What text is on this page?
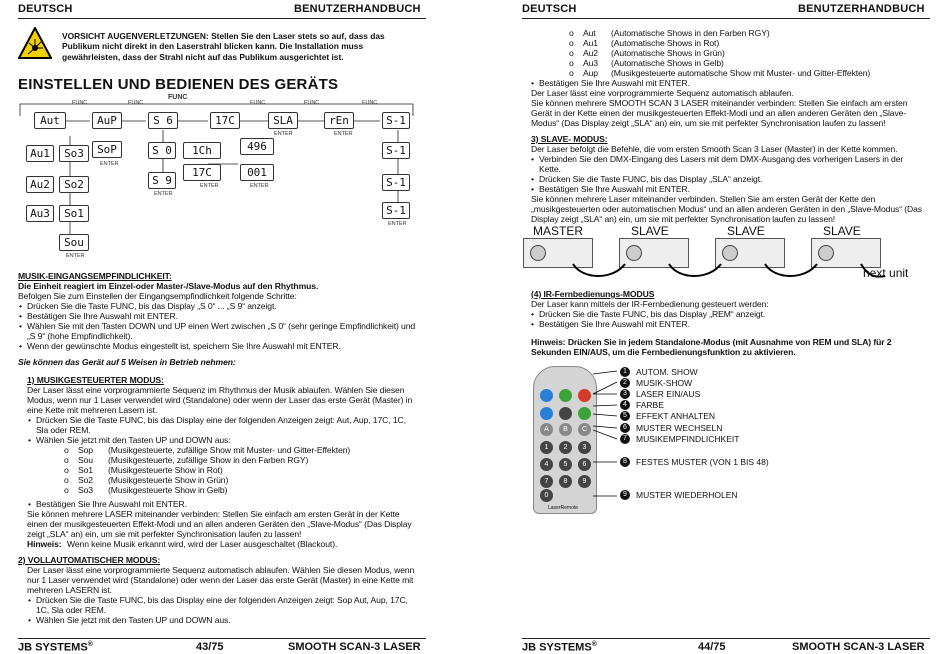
DEUTSCH	BENUTZERHANDBUCH
VORSICHT AUGENVERLETZUNGEN: Stellen Sie den Laser stets so auf, dass das
Publikum nicht direkt in den Laserstrahl blicken kann. Die Installation muss
gewährleisten, dass der Strahl nicht auf das Publikum ausgerichtet ist.
EINSTELLEN UND BEDIENEN DES GERÄTS
FUNC
Aut	AuP	S 6	17C	SLA	rEn	S-1
Au1	So3	SoP	S 0	1Ch	496	S-1
Au2	So2	S 9
17C	001
S-1
Au3	So1	S-1
Sou
FUNC	FUNC	FUNC	FUNC	FUNC
ENTER
ENTER
ENTER	ENTER
ENTER	ENTER
ENTER
ENTER
MUSIK-EINGANGSEMPFINDLICHKEIT:
Die Einheit reagiert im Einzel-oder Master-/Slave-Modus auf den Rhythmus.
Befolgen Sie zum Einstellen der Eingangsempfindlichkeit folgende Schritte:
• Drücken Sie die Taste FUNC, bis das Display „S 0“ ... „S 9“ anzeigt.
• Bestätigen Sie Ihre Auswahl mit ENTER.
• Wählen Sie mit den Tasten DOWN und UP einen Wert zwischen „S 0“ (sehr geringe Empfindlichkeit) und
„S 9“ (hohe Empfindlichkeit).
• Wenn der gewünschte Modus eingestellt ist, speichern Sie Ihre Auswahl mit ENTER.
Sie können das Gerät auf 5 Weisen in Betrieb nehmen:
1) MUSIKGESTEUERTER MODUS:
Der Laser lässt eine vorprogrammierte Sequenz im Rhythmus der Musik ablaufen. Wählen Sie diesen
Modus, wenn nur 1 Laser verwendet wird (Standalone) oder wenn der Laser das erste Gerät (Master) in
eine Kette mit mehreren Lasern ist.
• Drücken Sie die Taste FUNC, bis das Display eine der folgenden Anzeigen zeigt: Aut, Aup, 17C, 1C,
Sla oder REM.
• Wählen Sie jetzt mit den Tasten UP und DOWN aus:
o Sop (Musikgesteuerte, zufällige Show mit Muster- und Gitter-Effekten)
o Sou (Musikgesteuerte, zufällige Show in den Farben RGY)
o So1 (Musikgesteuerte Show in Rot)
o So2 (Musikgesteuerte Show in Grün)
o So3 (Musikgesteuerte Show in Gelb)
• Bestätigen Sie Ihre Auswahl mit ENTER.
Sie können mehrere LASER miteinander verbinden: Stellen Sie einfach am ersten Gerät in der Kette
einen der musikgesteuerten Effekt-Modi und an allen anderen Geräten den „Slave-Modus“ (Das Display
zeigt „SLA“ an) ein, um sie mit perfekter Synchronisation laufen zu lassen!
Hinweis: Wenn keine Musik erkannt wird, wird der Laser ausgeschaltet (Blackout).
2) VOLLAUTOMATISCHER MODUS:
Der Laser lässt eine vorprogrammierte Sequenz automatisch ablaufen. Wählen Sie diesen Modus, wenn
nur 1 Laser verwendet wird (Standalone) oder wenn der Laser das erste Gerät (Master) in eine Kette mit
mehreren LASERN ist.
• Drücken Sie die Taste FUNC, bis das Display eine der folgenden Anzeigen zeigt: Sop Aut, Aup, 17C,
1C, Sla oder REM.
• Wählen Sie jetzt mit den Tasten UP und DOWN aus.
JB SYSTEMS®	43/75	SMOOTH SCAN-3 LASER
DEUTSCH	BENUTZERHANDBUCH
o Aut (Automatische Shows in den Farben RGY)
o Au1 (Automatische Shows in Rot)
o Au2 (Automatische Shows in Grün)
o Au3 (Automatische Shows in Gelb)
o Aup (Musikgesteuerte automatische Show mit Muster- und Gitter-Effekten)
• Bestätigen Sie Ihre Auswahl mit ENTER.
Der Laser lässt eine vorprogrammierte Sequenz automatisch ablaufen.
Sie können mehrere SMOOTH SCAN 3 LASER miteinander verbinden: Stellen Sie einfach am ersten
Gerät in der Kette einen der musikgesteuerten Effekt-Modi und an allen anderen Geräten den „Slave-
Modus“ (Das Display zeigt „SLA“ an) ein, um sie mit perfekter Synchronisation laufen zu lassen!
3) SLAVE- MODUS:
Der Laser befolgt die Befehle, die vom ersten Smooth Scan 3 Laser (Master) in der Kette kommen.
• Verbinden Sie den DMX-Eingang des Lasers mit dem DMX-Ausgang des vorherigen Lasers in der
Kette.
• Drücken Sie die Taste FUNC, bis das Display „SLA“ anzeigt.
• Bestätigen Sie Ihre Auswahl mit ENTER.
Sie können mehrere Laser miteinander verbinden. Stellen Sie am ersten Gerät der Kette den
„musikgesteuerten oder automatischen Modus“ und an allen anderen Geräten in den „Slave-Modus“ (Das
Display zeigt „SLA“ an) ein, um sie mit perfekter Synchronisation laufen zu lassen!
MASTER	SLAVE	SLAVE	SLAVE
next unit
(4) IR-Fernbedienungs-MODUS
Der Laser kann mittels der IR-Fernbedienung gesteuert werden:
• Drücken Sie die Taste FUNC, bis das Display „REM“ anzeigt.
• Bestätigen Sie Ihre Auswahl mit ENTER.
Hinweis: Drücken Sie in jedem Standalone-Modus (mit Ausnahme von REM und SLA) für 2
Sekunden EIN/AUS, um die Fernbedienungsfunktion zu aktivieren.
A	B	C
1	2	3
4	5	6
7	8	9
0
LaserRemote
1	AUTOM. SHOW
2	MUSIK-SHOW
3	LASER EIN/AUS
4	FARBE
5	EFFEKT ANHALTEN
6	MUSTER WECHSELN
7	MUSIKEMPFINDLICHKEIT
8	FESTES MUSTER (VON 1 BIS 48)
9	MUSTER WIEDERHOLEN
JB SYSTEMS®	44/75	SMOOTH SCAN-3 LASER
